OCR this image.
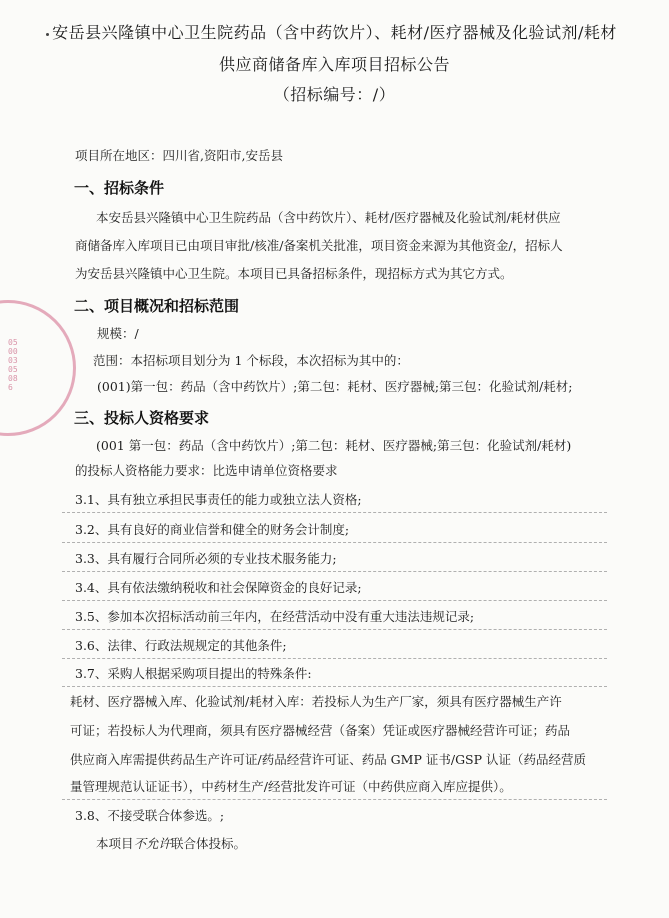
05000305086
安岳县兴隆镇中心卫生院药品（含中药饮片）、耗材/医疗器械及化验试剂/耗材
供应商储备库入库项目招标公告
（招标编号：/）
项目所在地区：四川省,资阳市,安岳县
一、招标条件
本安岳县兴隆镇中心卫生院药品（含中药饮片）、耗材/医疗器械及化验试剂/耗材供应
商储备库入库项目已由项目审批/核准/备案机关批准，项目资金来源为其他资金/，招标人
为安岳县兴隆镇中心卫生院。本项目已具备招标条件，现招标方式为其它方式。
二、项目概况和招标范围
规模：/
范围：本招标项目划分为 1 个标段，本次招标为其中的：
(001)第一包：药品（含中药饮片）;第二包：耗材、医疗器械;第三包：化验试剂/耗材;
三、投标人资格要求
(001 第一包：药品（含中药饮片）;第二包：耗材、医疗器械;第三包：化验试剂/耗材)
的投标人资格能力要求：比选申请单位资格要求
3.1、具有独立承担民事责任的能力或独立法人资格;
3.2、具有良好的商业信誉和健全的财务会计制度;
3.3、具有履行合同所必须的专业技术服务能力;
3.4、具有依法缴纳税收和社会保障资金的良好记录;
3.5、参加本次招标活动前三年内，在经营活动中没有重大违法违规记录;
3.6、法律、行政法规规定的其他条件;
3.7、采购人根据采购项目提出的特殊条件:
耗材、医疗器械入库、化验试剂/耗材入库：若投标人为生产厂家，须具有医疗器械生产许
可证；若投标人为代理商，须具有医疗器械经营（备案）凭证或医疗器械经营许可证；药品
供应商入库需提供药品生产许可证/药品经营许可证、药品 GMP 证书/GSP 认证（药品经营质
量管理规范认证证书），中药材生产/经营批发许可证（中药供应商入库应提供）。
3.8、不接受联合体参选。;
本项目不允许联合体投标。
